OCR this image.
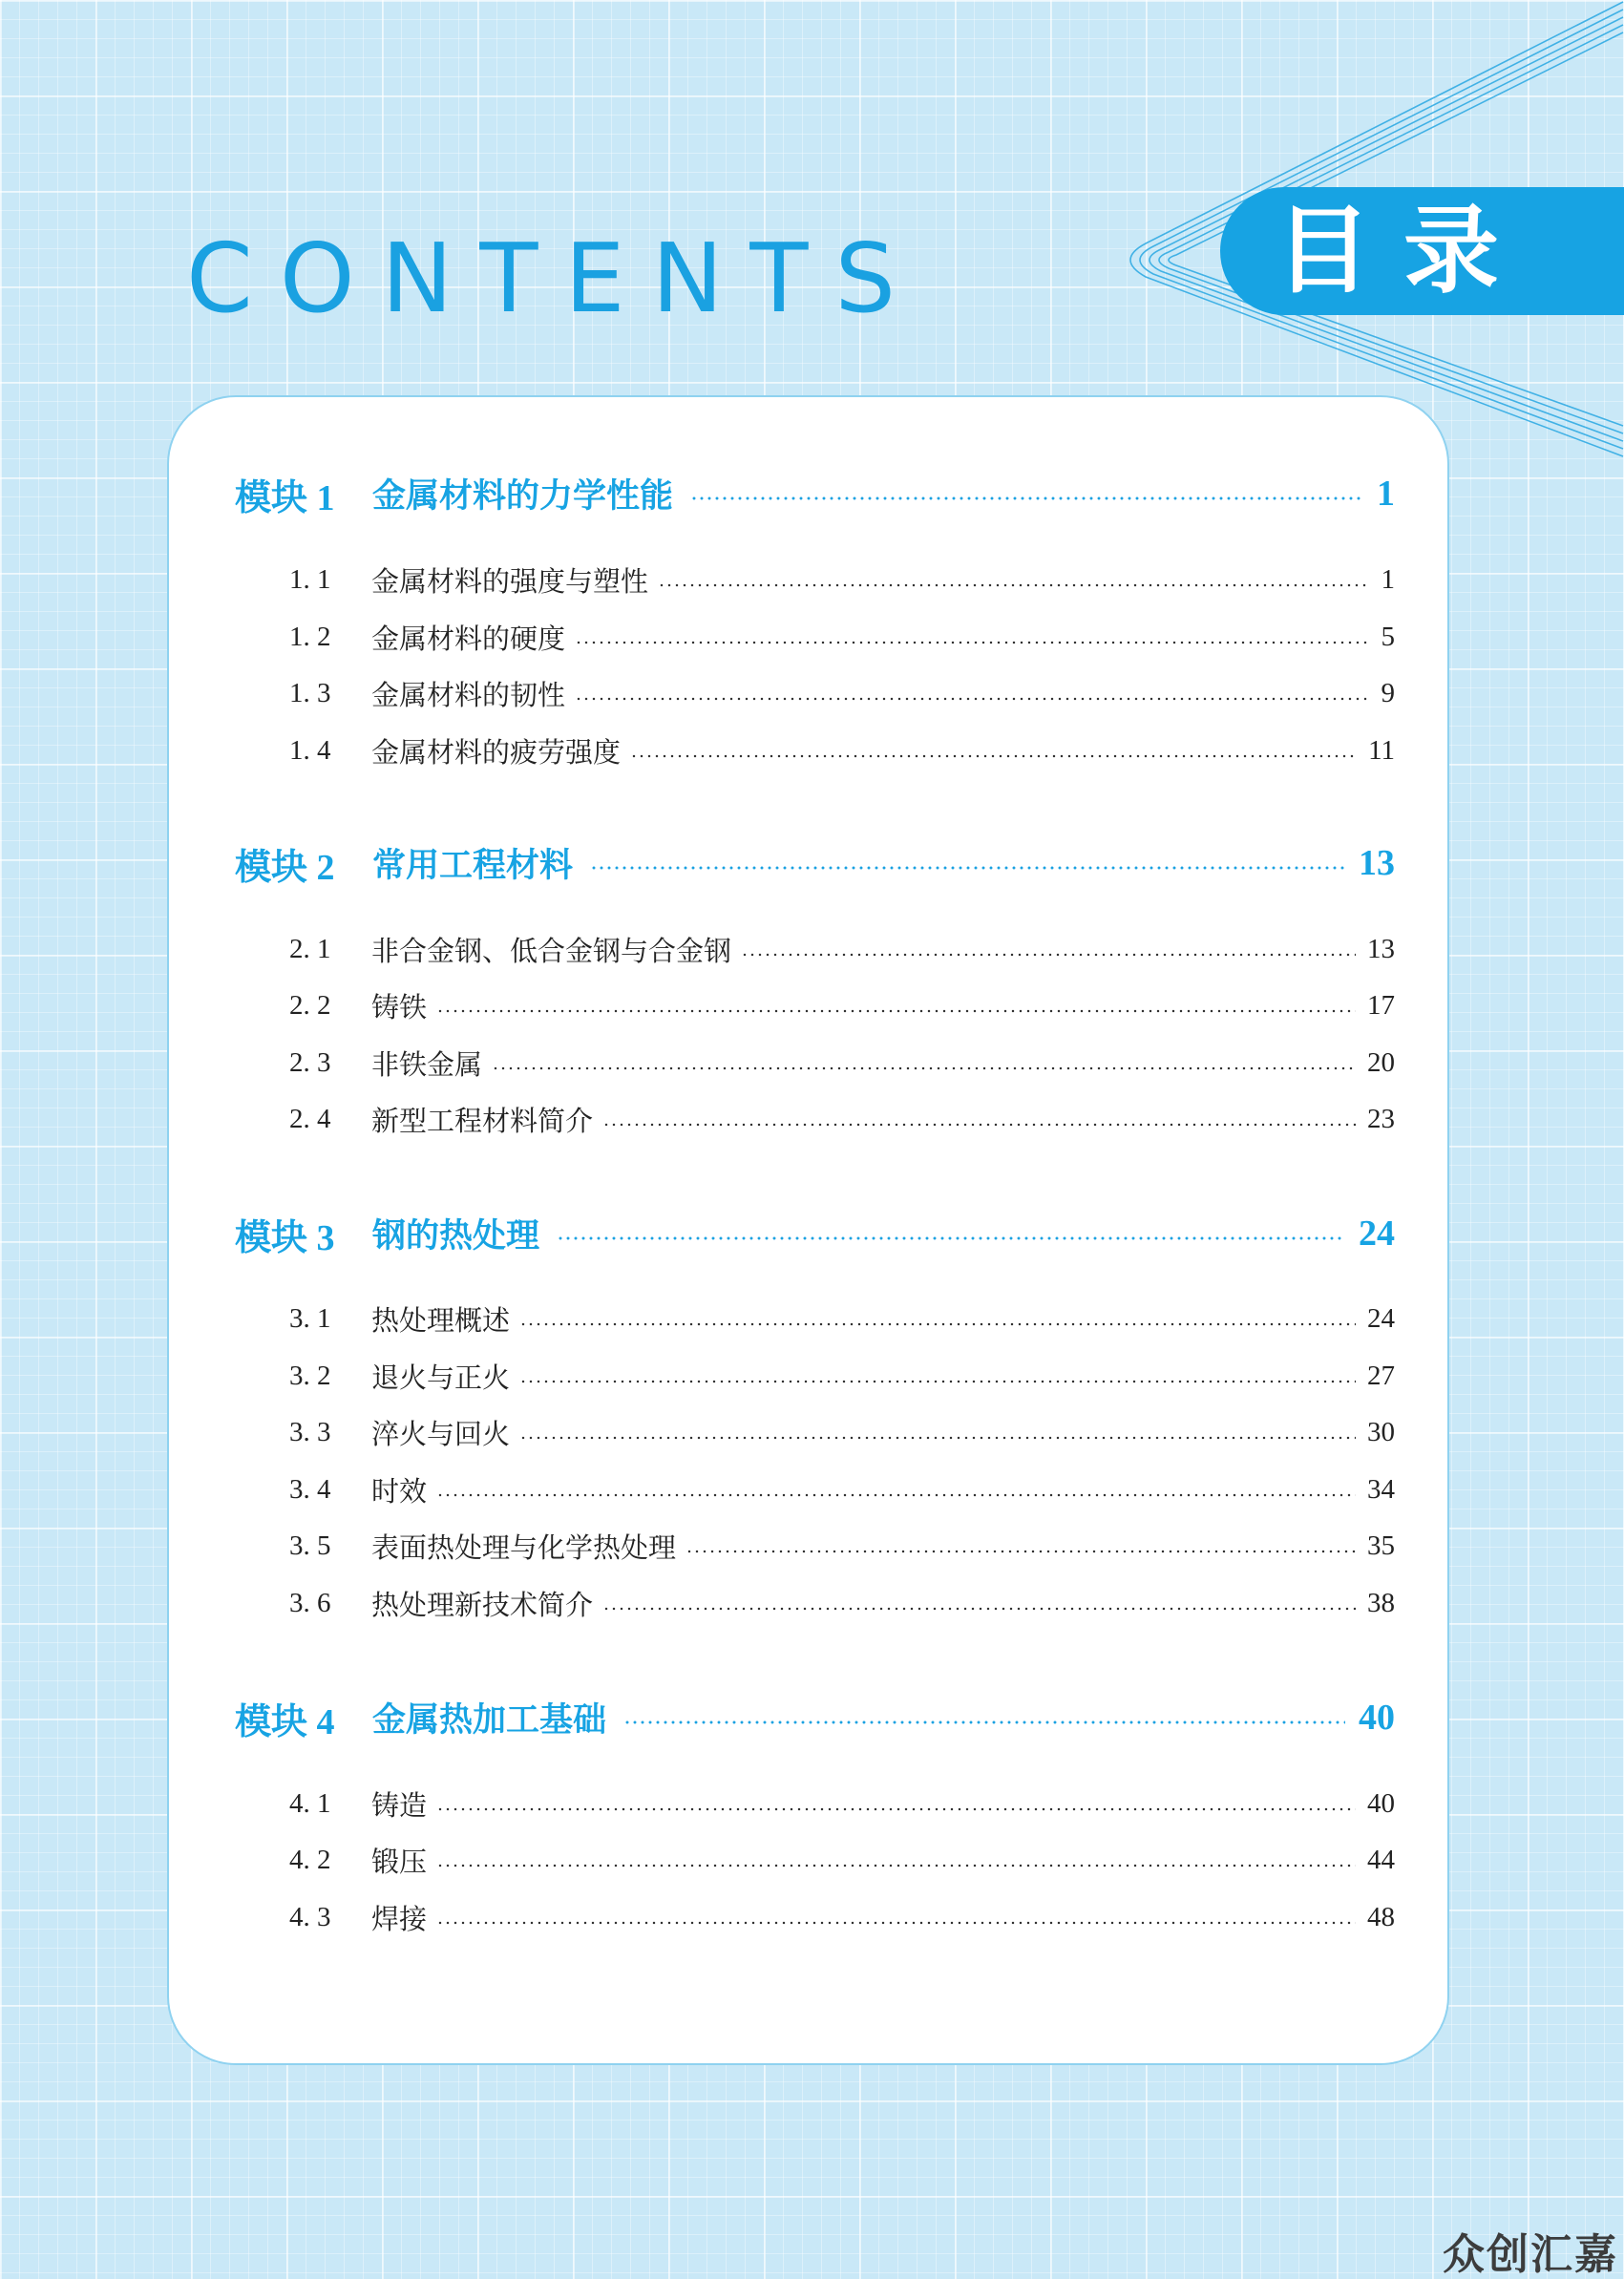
CONTENTS	目录
模块 1	金属材料的力学性能	1
1. 1	金属材料的强度与塑性	1
1. 2	金属材料的硬度	5
1. 3	金属材料的韧性	9
1. 4	金属材料的疲劳强度	11
模块 2	常用工程材料	13
2. 1	非合金钢、低合金钢与合金钢	13
2. 2	铸铁	17
2. 3	非铁金属	20
2. 4	新型工程材料简介	23
模块 3	钢的热处理	24
3. 1	热处理概述	24
3. 2	退火与正火	27
3. 3	淬火与回火	30
3. 4	时效	34
3. 5	表面热处理与化学热处理	35
3. 6	热处理新技术简介	38
模块 4	金属热加工基础	40
4. 1	铸造	40
4. 2	锻压	44
4. 3	焊接	48

众创汇嘉
